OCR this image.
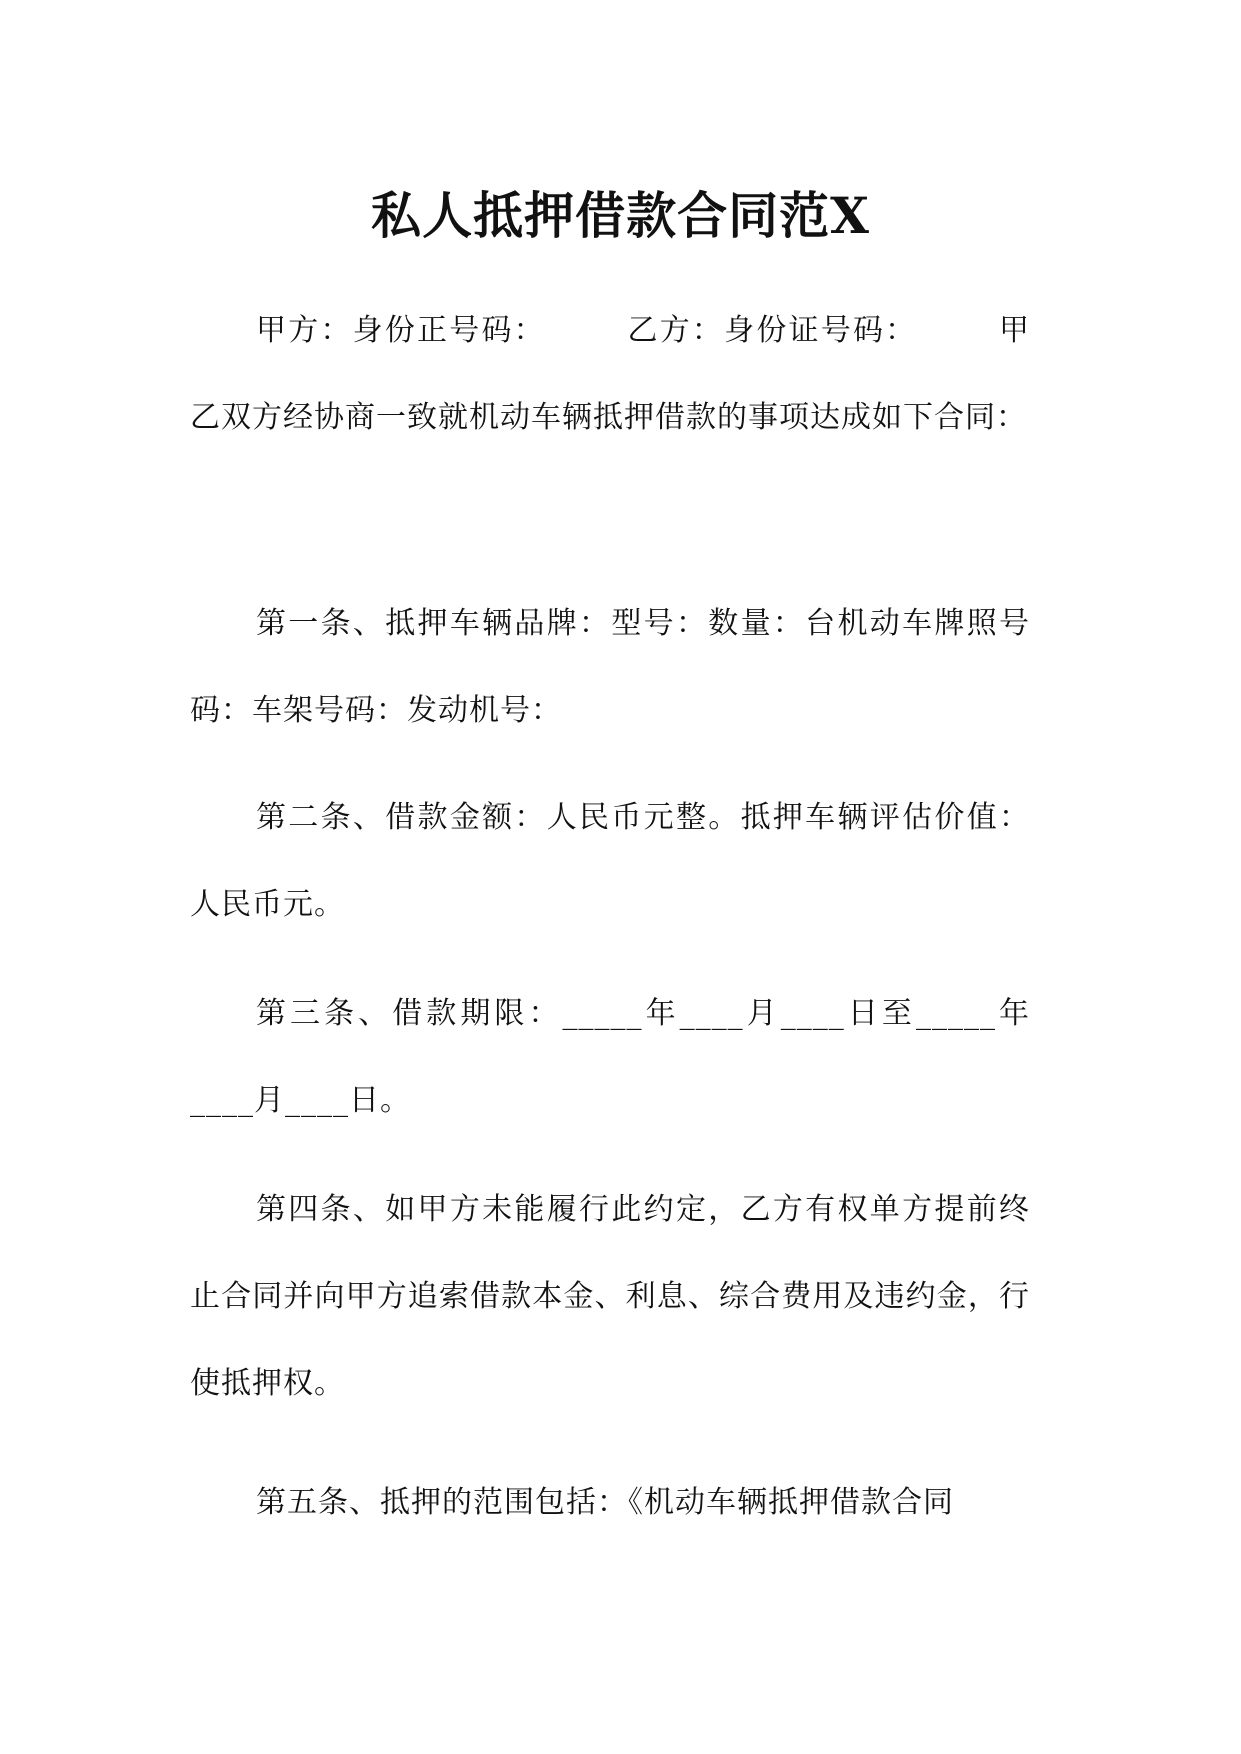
私人抵押借款合同范X

甲方：身份正号码：　　　乙方：身份证号码：　　　甲乙双方经协商一致就机动车辆抵押借款的事项达成如下合同：

第一条、抵押车辆品牌：型号：数量：台机动车牌照号码：车架号码：发动机号：

第二条、借款金额：人民币元整。抵押车辆评估价值：人民币元。

第三条、借款期限：_____年____月____日至_____年____月____日。

第四条、如甲方未能履行此约定，乙方有权单方提前终止合同并向甲方追索借款本金、利息、综合费用及违约金，行使抵押权。

第五条、抵押的范围包括：《机动车辆抵押借款合同
